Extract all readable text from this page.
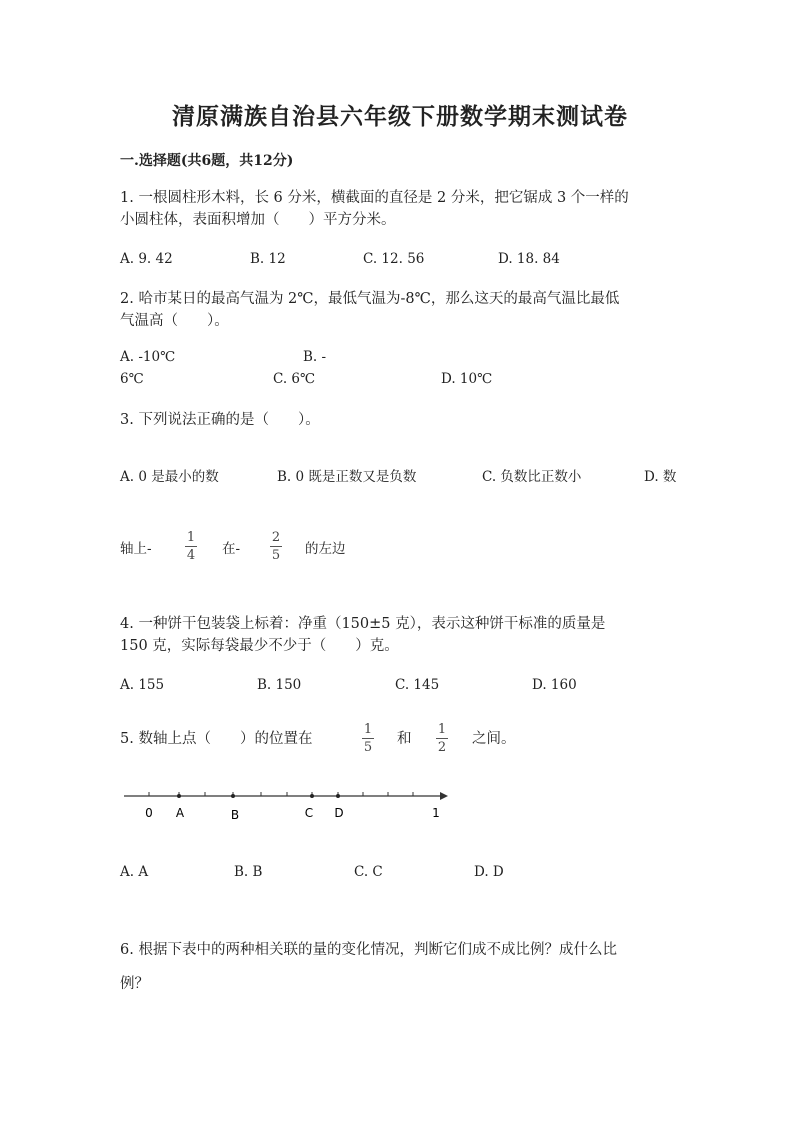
清原满族自治县六年级下册数学期末测试卷
一.选择题(共6题，共12分)
1. 一根圆柱形木料，长 6 分米，横截面的直径是 2 分米，把它锯成 3 个一样的
小圆柱体，表面积增加（　　）平方分米。
A. 9. 42	B. 12	C. 12. 56	D. 18. 84
2. 哈市某日的最高气温为 2℃，最低气温为-8℃，那么这天的最高气温比最低
气温高（　　）。
A. -10℃	B. -
6℃	C. 6℃	D. 10℃
3. 下列说法正确的是（　　）。
A. 0 是最小的数	B. 0 既是正数又是负数	C. 负数比正数小	D. 数
轴上-
1
4 在-
2
5 的左边
4. 一种饼干包装袋上标着：净重（150±5 克），表示这种饼干标准的质量是
150 克，实际每袋最少不少于（　　）克。
A. 155	B. 150	C. 145	D. 160
5. 数轴上点（　　）的位置在
1
5
和
1
2
之间。
0 A	B	C D	1
A. A	B. B	C. C	D. D
6. 根据下表中的两种相关联的量的变化情况，判断它们成不成比例？成什么比
例？
